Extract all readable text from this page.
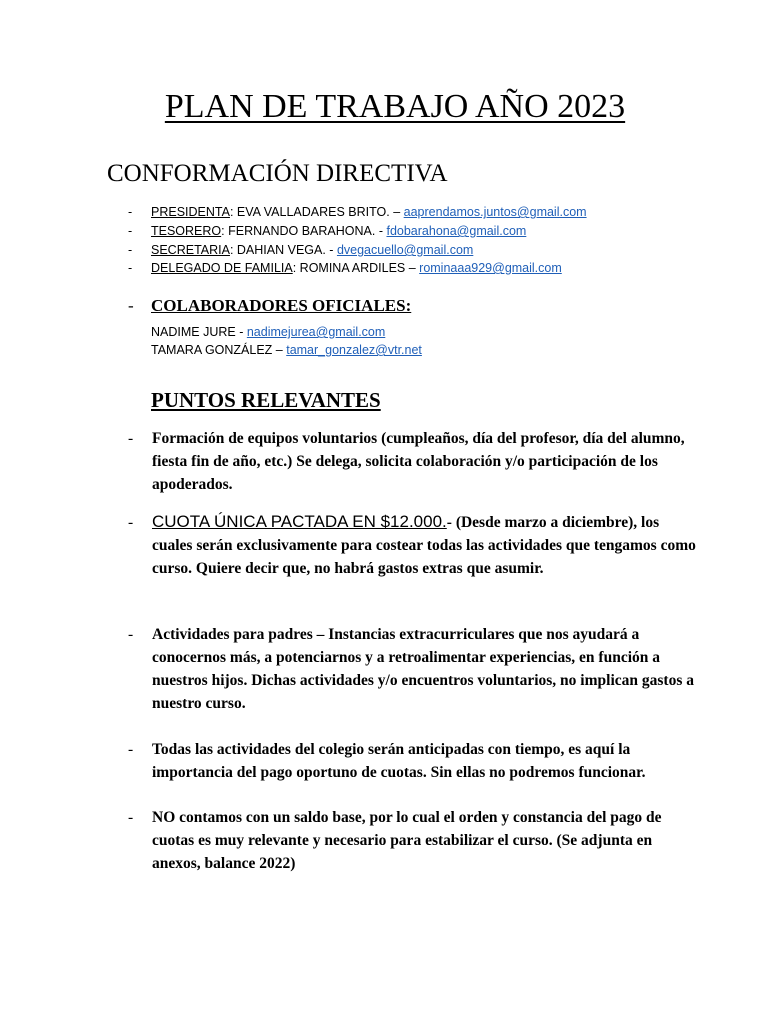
PLAN DE TRABAJO AÑO 2023
CONFORMACIÓN DIRECTIVA
- PRESIDENTA: EVA VALLADARES BRITO. – aaprendamos.juntos@gmail.com
- TESORERO: FERNANDO BARAHONA. - fdobarahona@gmail.com
- SECRETARIA: DAHIAN VEGA. - dvegacuello@gmail.com
- DELEGADO DE FAMILIA: ROMINA ARDILES – rominaaa929@gmail.com
- COLABORADORES OFICIALES:
NADIME JURE - nadimejurea@gmail.com
TAMARA GONZÁLEZ – tamar_gonzalez@vtr.net
PUNTOS RELEVANTES
- Formación de equipos voluntarios (cumpleaños, día del profesor, día del alumno, fiesta fin de año, etc.) Se delega, solicita colaboración y/o participación de los apoderados.
- CUOTA ÚNICA PACTADA EN $12.000.- (Desde marzo a diciembre), los cuales serán exclusivamente para costear todas las actividades que tengamos como curso. Quiere decir que, no habrá gastos extras que asumir.
- Actividades para padres – Instancias extracurriculares que nos ayudará a conocernos más, a potenciarnos y a retroalimentar experiencias, en función a nuestros hijos. Dichas actividades y/o encuentros voluntarios, no implican gastos a nuestro curso.
- Todas las actividades del colegio serán anticipadas con tiempo, es aquí la importancia del pago oportuno de cuotas. Sin ellas no podremos funcionar.
- NO contamos con un saldo base, por lo cual el orden y constancia del pago de cuotas es muy relevante y necesario para estabilizar el curso. (Se adjunta en anexos, balance 2022)
